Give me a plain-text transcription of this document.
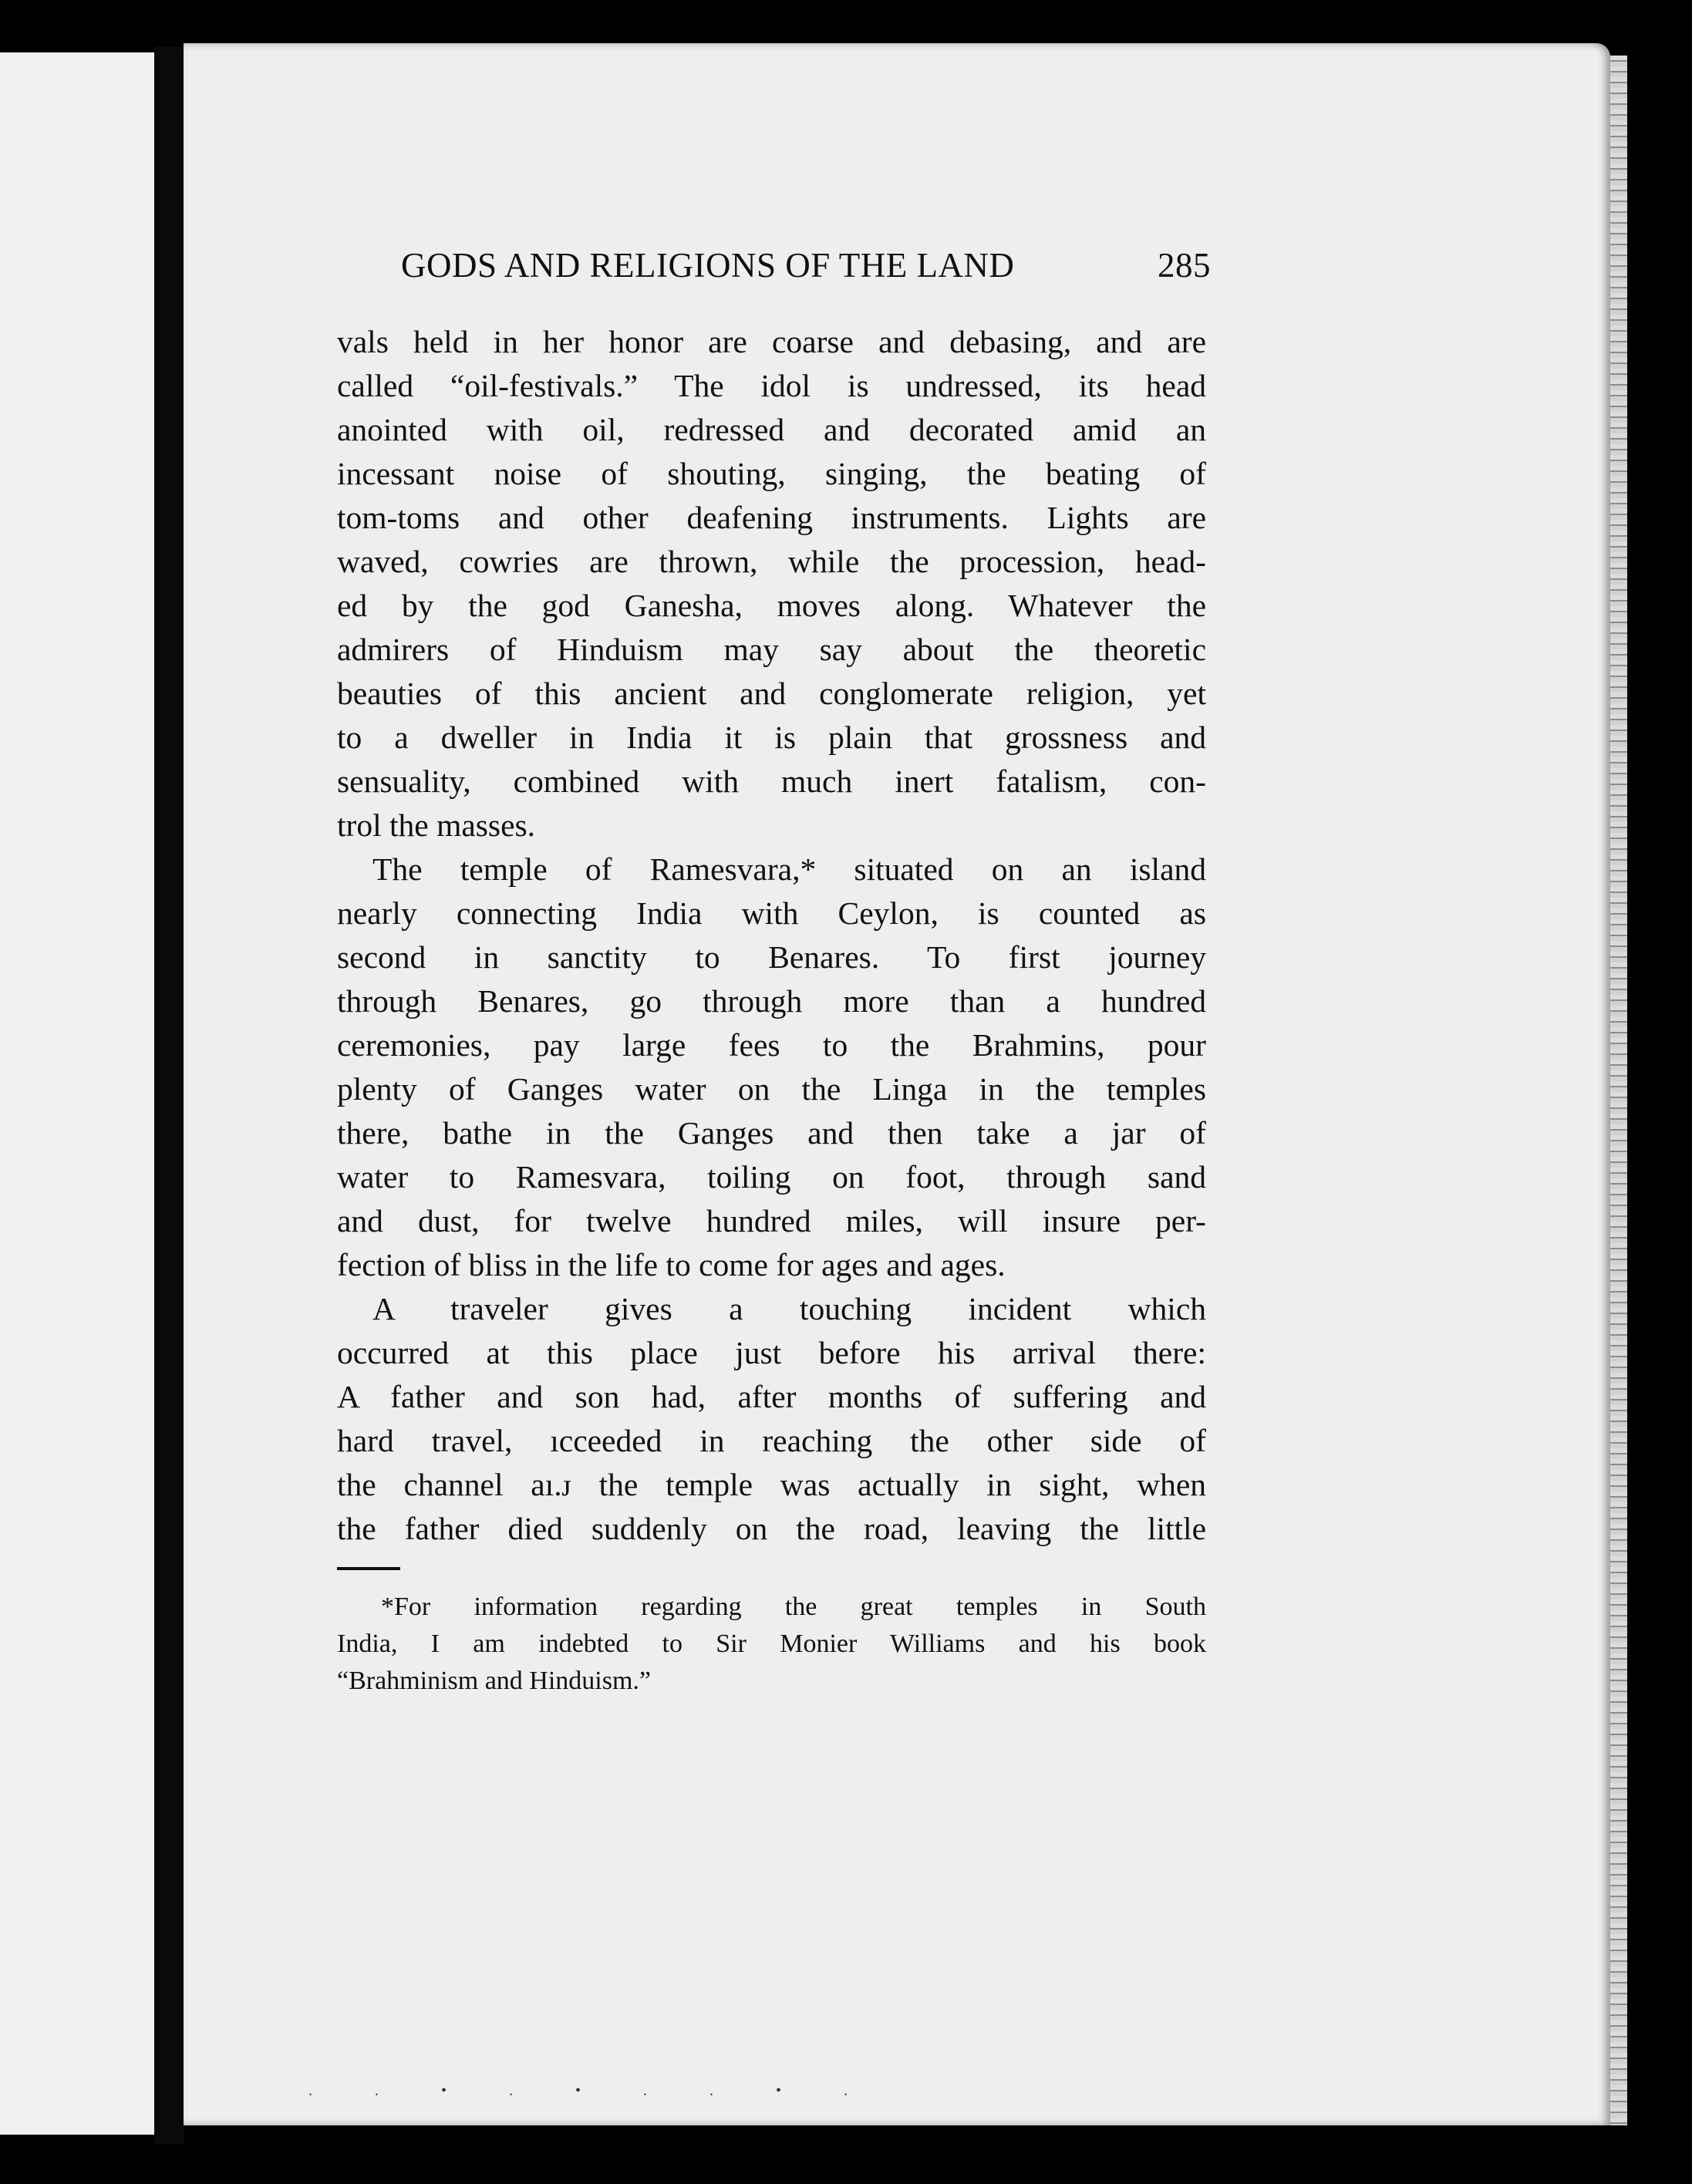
GODS AND RELIGIONS OF THE LAND	285
vals held in her honor are coarse and debasing, and are
called “oil-festivals.” The idol is undressed, its head
anointed with oil, redressed and decorated amid an
incessant noise of shouting, singing, the beating of
tom-toms and other deafening instruments. Lights are
waved, cowries are thrown, while the procession, head-
ed by the god Ganesha, moves along. Whatever the
admirers of Hinduism may say about the theoretic
beauties of this ancient and conglomerate religion, yet
to a dweller in India it is plain that grossness and
sensuality, combined with much inert fatalism, con-
trol the masses.
The temple of Ramesvara,* situated on an island
nearly connecting India with Ceylon, is counted as
second in sanctity to Benares. To first journey
through Benares, go through more than a hundred
ceremonies, pay large fees to the Brahmins, pour
plenty of Ganges water on the Linga in the temples
there, bathe in the Ganges and then take a jar of
water to Ramesvara, toiling on foot, through sand
and dust, for twelve hundred miles, will insure per-
fection of bliss in the life to come for ages and ages.
A traveler gives a touching incident which
occurred at this place just before his arrival there:
A father and son had, after months of suffering and
hard travel, ıcceeded in reaching the other side of
the channel aı.ᴊ the temple was actually in sight, when
the father died suddenly on the road, leaving the little
*For information regarding the great temples in South
India, I am indebted to Sir Monier Williams and his book
“Brahminism and Hinduism.”
. . • . • . . • .
